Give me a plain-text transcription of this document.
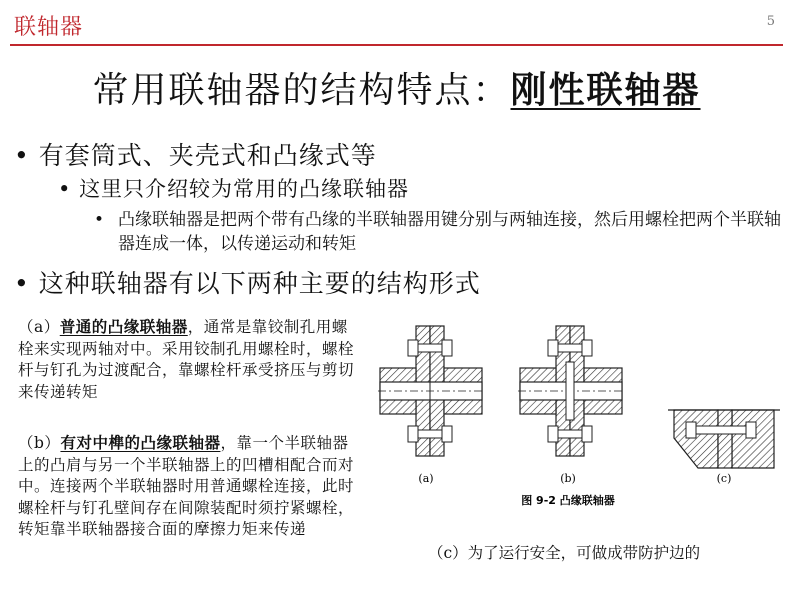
联轴器	5
常用联轴器的结构特点：刚性联轴器
• 有套筒式、夹壳式和凸缘式等
• 这里只介绍较为常用的凸缘联轴器
• 凸缘联轴器是把两个带有凸缘的半联轴器用键分别与两轴连接，然后用螺栓把两个半联轴器连成一体，以传递运动和转矩
• 这种联轴器有以下两种主要的结构形式
（a）普通的凸缘联轴器，通常是靠铰制孔用螺栓来实现两轴对中。采用铰制孔用螺栓时，螺栓杆与钉孔为过渡配合，靠螺栓杆承受挤压与剪切来传递转矩
（b）有对中榫的凸缘联轴器，靠一个半联轴器上的凸肩与另一个半联轴器上的凹槽相配合而对中。连接两个半联轴器时用普通螺栓连接，此时螺栓杆与钉孔壁间存在间隙装配时须拧紧螺栓，转矩靠半联轴器接合面的摩擦力矩来传递
（c）为了运行安全，可做成带防护边的
(a)	(b)	(c)
图 9-2 凸缘联轴器
